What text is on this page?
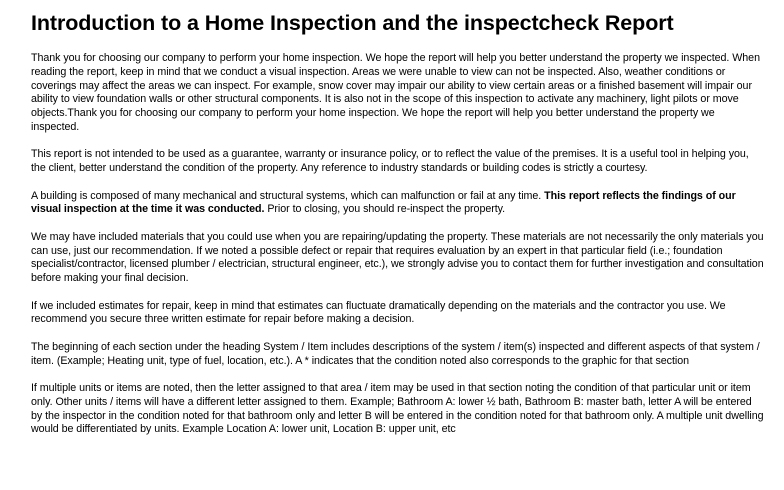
Introduction to a Home Inspection and the inspectcheck Report

Thank you for choosing our company to perform your home inspection. We hope the report will help you better understand the property we inspected. When reading the report, keep in mind that we conduct a visual inspection. Areas we were unable to view can not be inspected. Also, weather conditions or coverings may affect the areas we can inspect. For example, snow cover may impair our ability to view certain areas or a finished basement will impair our ability to view foundation walls or other structural components. It is also not in the scope of this inspection to activate any machinery, light pilots or move objects.Thank you for choosing our company to perform your home inspection. We hope the report will help you better understand the property we inspected.

This report is not intended to be used as a guarantee, warranty or insurance policy, or to reflect the value of the premises. It is a useful tool in helping you, the client, better understand the condition of the property. Any reference to industry standards or building codes is strictly a courtesy.

A building is composed of many mechanical and structural systems, which can malfunction or fail at any time. This report reflects the findings of our visual inspection at the time it was conducted. Prior to closing, you should re-inspect the property.

We may have included materials that you could use when you are repairing/updating the property. These materials are not necessarily the only materials you can use, just our recommendation. If we noted a possible defect or repair that requires evaluation by an expert in that particular field (i.e.; foundation specialist/contractor, licensed plumber / electrician, structural engineer, etc.), we strongly advise you to contact them for further investigation and consultation before making your final decision.

If we included estimates for repair, keep in mind that estimates can fluctuate dramatically depending on the materials and the contractor you use. We recommend you secure three written estimate for repair before making a decision.

The beginning of each section under the heading System / Item includes descriptions of the system / item(s) inspected and different aspects of that system / item. (Example; Heating unit, type of fuel, location, etc.). A * indicates that the condition noted also corresponds to the graphic for that section

If multiple units or items are noted, then the letter assigned to that area / item may be used in that section noting the condition of that particular unit or item only. Other units / items will have a different letter assigned to them. Example; Bathroom A: lower ½ bath, Bathroom B: master bath, letter A will be entered by the inspector in the condition noted for that bathroom only and letter B will be entered in the condition noted for that bathroom only. A multiple unit dwelling would be differentiated by units. Example Location A: lower unit, Location B: upper unit, etc
